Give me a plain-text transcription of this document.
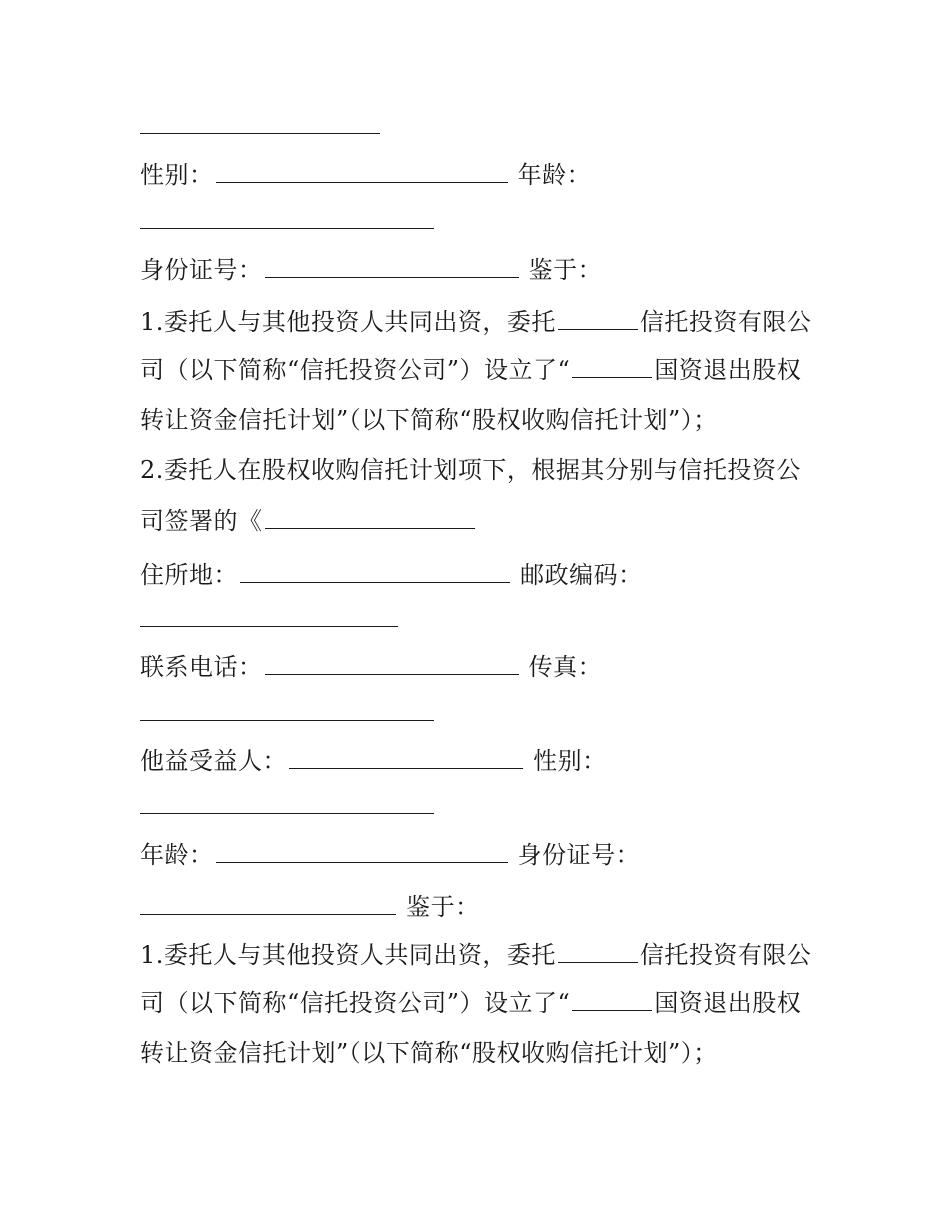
性别：	年龄：
身份证号：	鉴于：
1.委托人与其他投资人共同出资，委托	信托投资有限公
司（以下简称“信托投资公司”）设立了“	国资退出股权
转让资金信托计划”（以下简称“股权收购信托计划”）；
2.委托人在股权收购信托计划项下，根据其分别与信托投资公
司签署的《
住所地：	邮政编码：
联系电话：	传真：
他益受益人：	性别：
年龄：	身份证号：
鉴于：
1.委托人与其他投资人共同出资，委托	信托投资有限公
司（以下简称“信托投资公司”）设立了“	国资退出股权
转让资金信托计划”（以下简称“股权收购信托计划”）；
